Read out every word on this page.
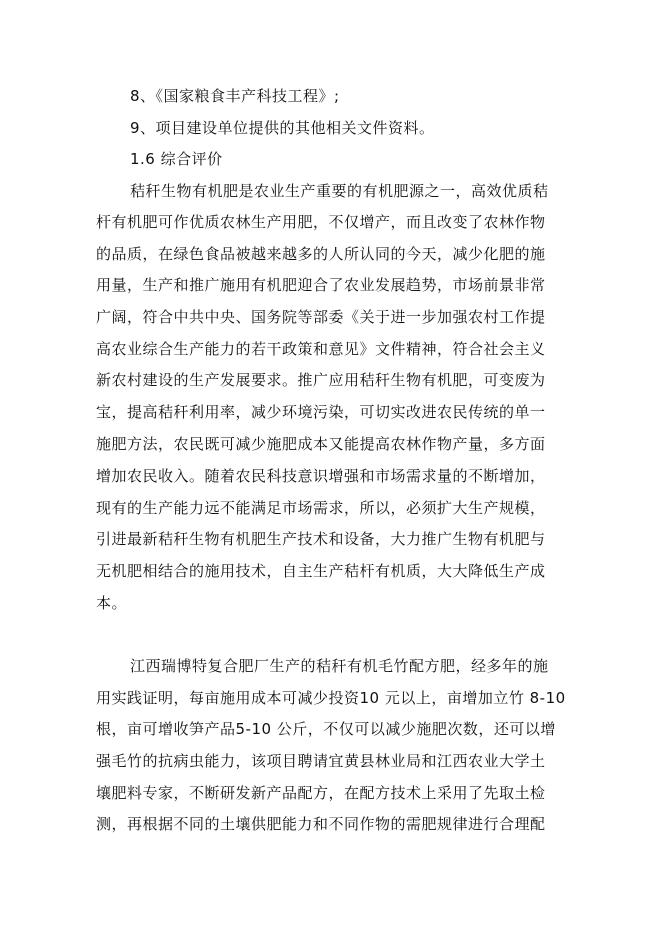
8、《国家粮食丰产科技工程》;
9、项目建设单位提供的其他相关文件资料。
1.6 综合评价
秸秆生物有机肥是农业生产重要的有机肥源之一，高效优质秸
杆有机肥可作优质农林生产用肥，不仅增产，而且改变了农林作物
的品质，在绿色食品被越来越多的人所认同的今天，减少化肥的施
用量，生产和推广施用有机肥迎合了农业发展趋势，市场前景非常
广阔，符合中共中央、国务院等部委《关于进一步加强农村工作提
高农业综合生产能力的若干政策和意见》文件精神，符合社会主义
新农村建设的生产发展要求。推广应用秸秆生物有机肥，可变废为
宝，提高秸秆利用率，减少环境污染，可切实改进农民传统的单一
施肥方法，农民既可减少施肥成本又能提高农林作物产量，多方面
增加农民收入。随着农民科技意识增强和市场需求量的不断增加，
现有的生产能力远不能满足市场需求，所以，必须扩大生产规模，
引进最新秸秆生物有机肥生产技术和设备，大力推广生物有机肥与
无机肥相结合的施用技术，自主生产秸杆有机质，大大降低生产成
本。
江西瑞博特复合肥厂生产的秸秆有机毛竹配方肥，经多年的施
用实践证明，每亩施用成本可减少投资10 元以上，亩增加立竹 8-10
根，亩可增收笋产品5-10 公斤，不仅可以减少施肥次数，还可以增
强毛竹的抗病虫能力，该项目聘请宜黄县林业局和江西农业大学土
壤肥料专家，不断研发新产品配方，在配方技术上采用了先取土检
测，再根据不同的土壤供肥能力和不同作物的需肥规律进行合理配
